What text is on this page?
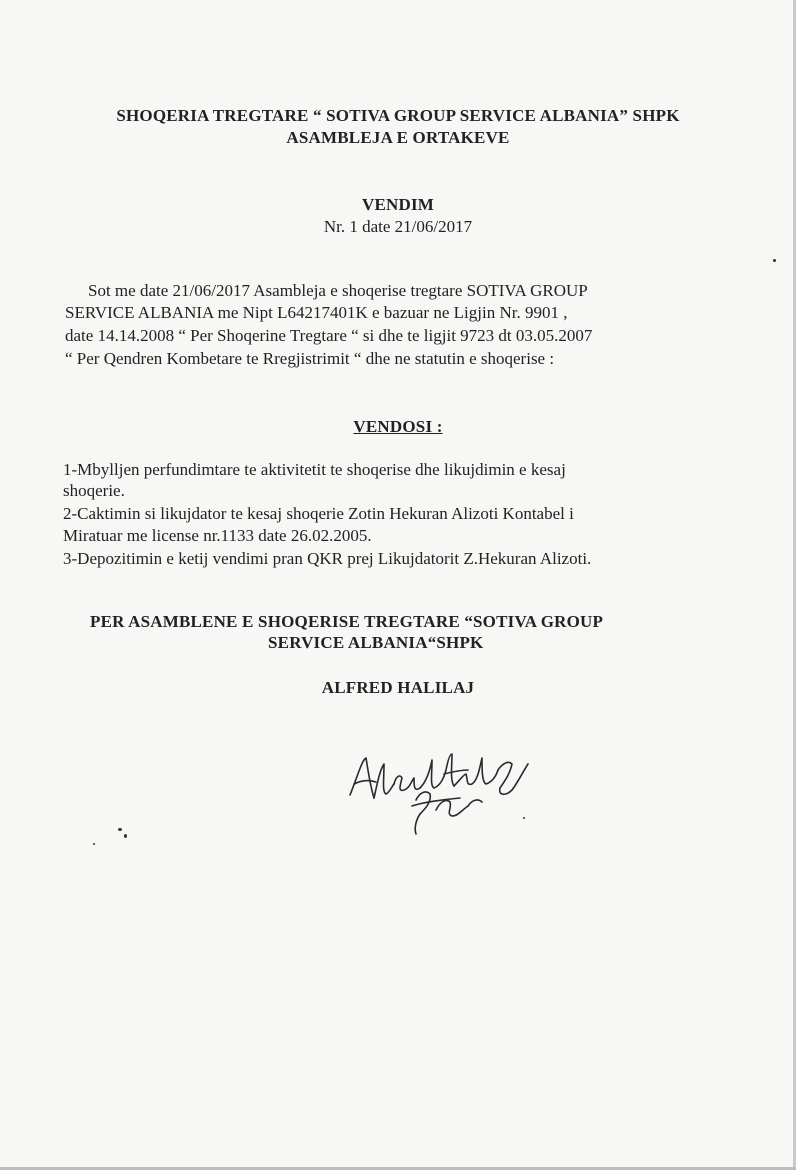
SHOQERIA TREGTARE “ SOTIVA GROUP SERVICE ALBANIA” SHPK
ASAMBLEJA E ORTAKEVE
VENDIM
Nr. 1 date 21/06/2017
Sot me date 21/06/2017 Asambleja e shoqerise tregtare SOTIVA GROUP
SERVICE ALBANIA me Nipt L64217401K e bazuar ne Ligjin Nr. 9901 ,
date 14.14.2008 “ Per Shoqerine Tregtare “ si dhe te ligjit 9723 dt 03.05.2007
“ Per Qendren Kombetare te Rregjistrimit “ dhe ne statutin e shoqerise :
VENDOSI :
1-Mbylljen perfundimtare te aktivitetit te shoqerise dhe likujdimin e kesaj
shoqerie.
2-Caktimin si likujdator te kesaj shoqerie Zotin Hekuran Alizoti Kontabel i
Miratuar me license nr.1133 date 26.02.2005.
3-Depozitimin e ketij vendimi pran QKR prej Likujdatorit Z.Hekuran Alizoti.
PER ASAMBLENE E SHOQERISE TREGTARE “SOTIVA GROUP
SERVICE ALBANIA“SHPK
ALFRED HALILAJ
